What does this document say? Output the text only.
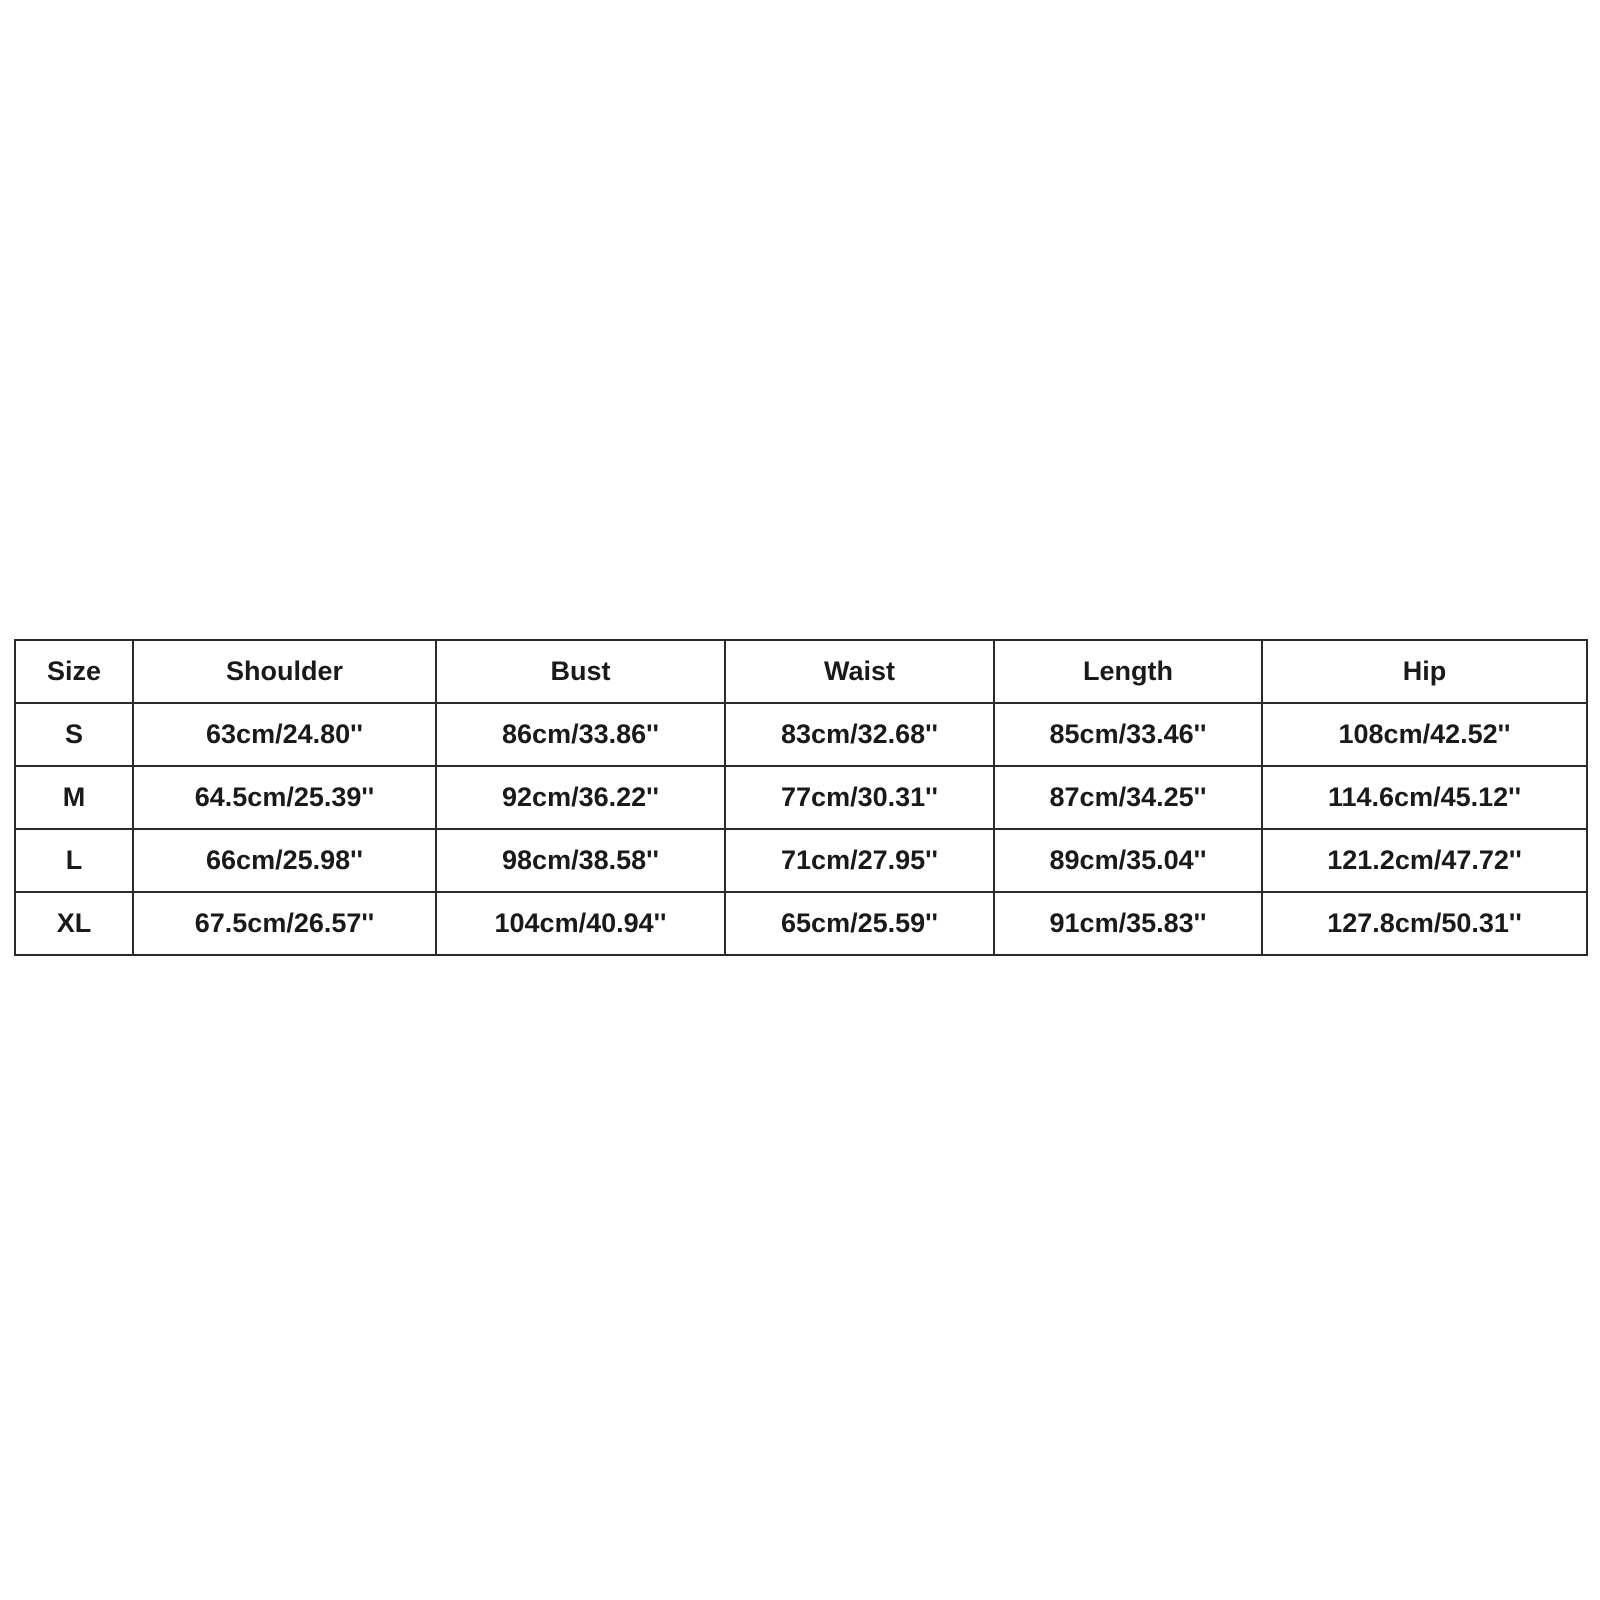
Size	Shoulder	Bust	Waist	Length	Hip
S	63cm/24.80''	86cm/33.86''	83cm/32.68''	85cm/33.46''	108cm/42.52''
M	64.5cm/25.39''	92cm/36.22''	77cm/30.31''	87cm/34.25''	114.6cm/45.12''
L	66cm/25.98''	98cm/38.58''	71cm/27.95''	89cm/35.04''	121.2cm/47.72''
XL	67.5cm/26.57''	104cm/40.94''	65cm/25.59''	91cm/35.83''	127.8cm/50.31''
